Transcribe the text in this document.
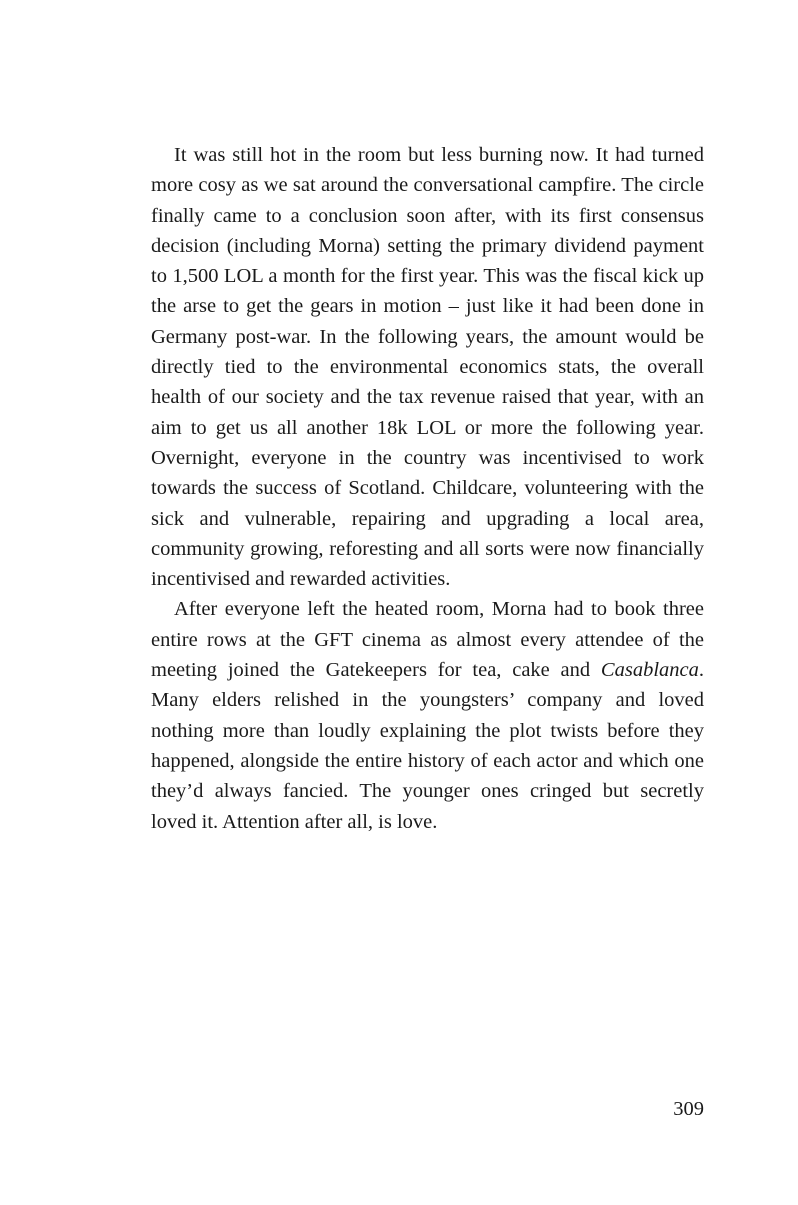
It was still hot in the room but less burning now. It had turned more cosy as we sat around the conversational campfire. The circle finally came to a conclusion soon after, with its first consensus decision (including Morna) setting the primary dividend payment to 1,500 LOL a month for the first year. This was the fiscal kick up the arse to get the gears in motion – just like it had been done in Germany post-war. In the following years, the amount would be directly tied to the environmental economics stats, the overall health of our society and the tax revenue raised that year, with an aim to get us all another 18k LOL or more the following year. Overnight, everyone in the country was incentivised to work towards the success of Scotland. Childcare, volunteering with the sick and vulnerable, repairing and upgrading a local area, community growing, reforesting and all sorts were now financially incentivised and rewarded activities.

After everyone left the heated room, Morna had to book three entire rows at the GFT cinema as almost every attendee of the meeting joined the Gatekeepers for tea, cake and Casablanca. Many elders relished in the youngsters’ company and loved nothing more than loudly explaining the plot twists before they happened, alongside the entire history of each actor and which one they’d always fancied. The younger ones cringed but secretly loved it. Attention after all, is love.

309
